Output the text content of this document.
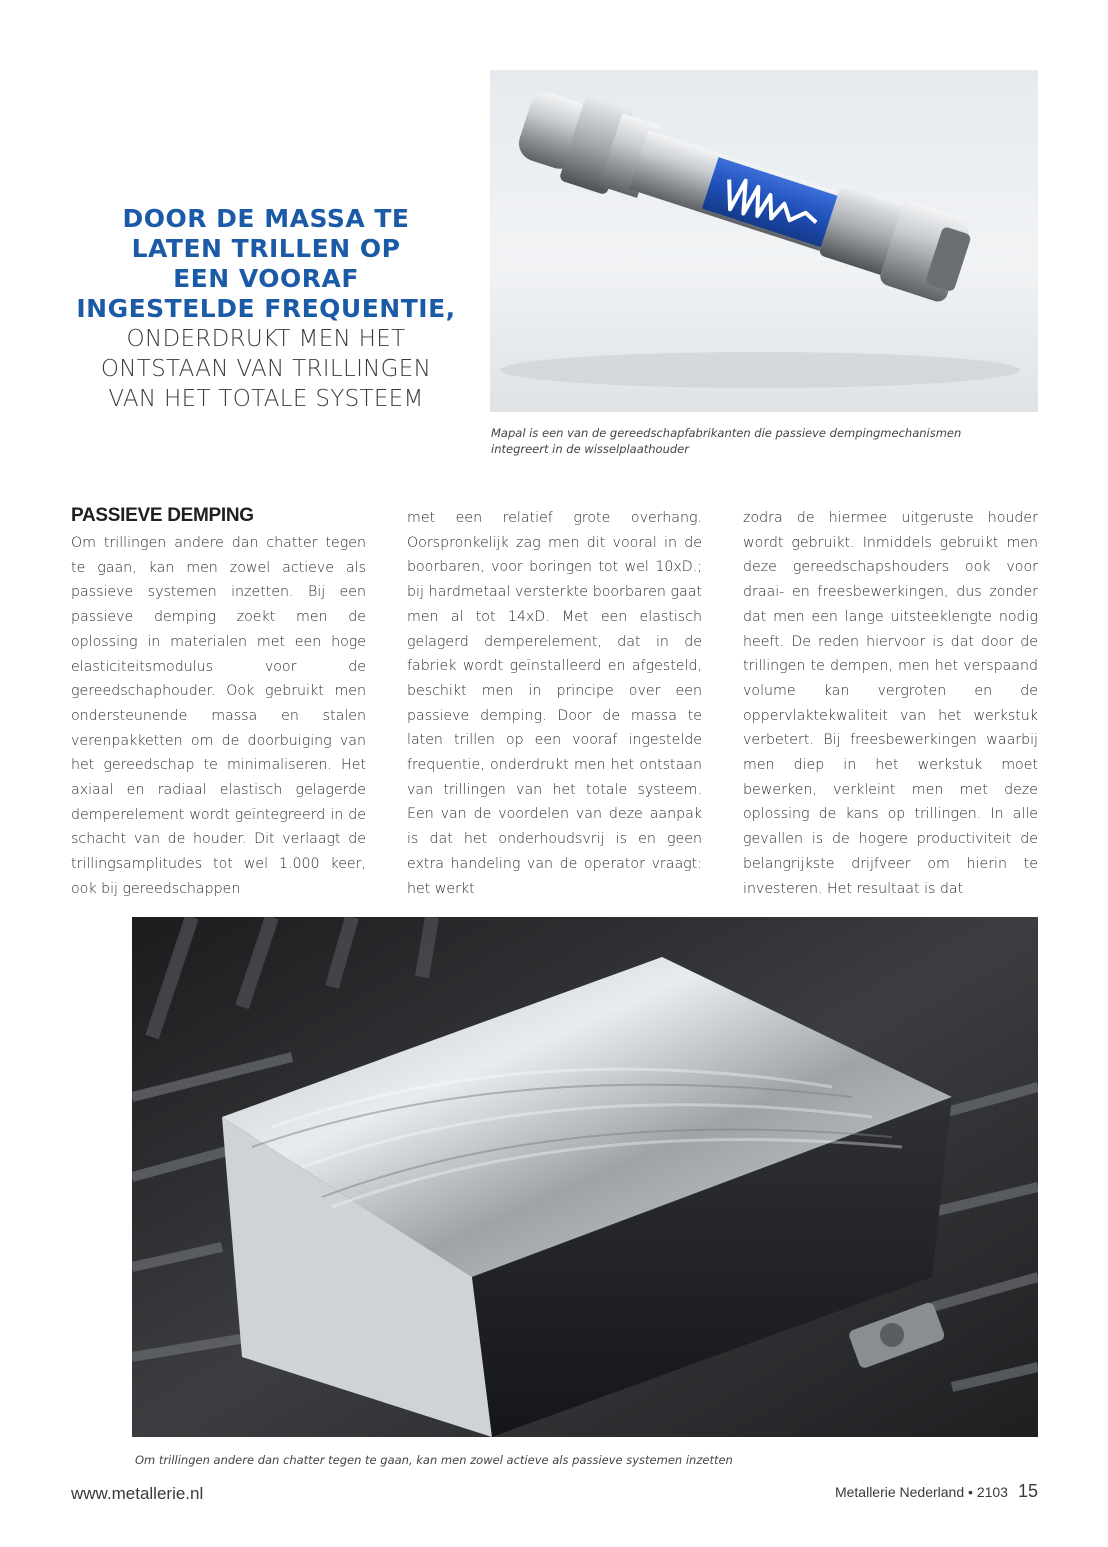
DOOR DE MASSA TE

LATEN TRILLEN OP

EEN VOORAF

INGESTELDE FREQUENTIE,

ONDERDRUKT MEN HET

ONTSTAAN VAN TRILLINGEN

VAN HET TOTALE SYSTEEM

Mapal is een van de gereedschapfabrikanten die passieve dempingmechanismen integreert in de wisselplaathouder

PASSIEVE DEMPING

Om trillingen andere dan chatter tegen te gaan, kan men zowel actieve als passieve systemen inzetten. Bij een passieve demping zoekt men de oplossing in materialen met een hoge elasticiteitsmodulus voor de gereedschaphouder. Ook gebruikt men ondersteunende massa en stalen verenpakketten om de doorbuiging van het gereedschap te minimaliseren. Het axiaal en radiaal elastisch gelagerde demperelement wordt geïntegreerd in de schacht van de houder. Dit verlaagt de trillingsamplitudes tot wel 1.000 keer, ook bij gereedschappen

met een relatief grote overhang. Oorspronkelijk zag men dit vooral in de boorbaren, voor boringen tot wel 10xD.; bij hardmetaal versterkte boorbaren gaat men al tot 14xD. Met een elastisch gelagerd demperelement, dat in de fabriek wordt geïnstalleerd en afgesteld, beschikt men in principe over een passieve demping. Door de massa te laten trillen op een vooraf ingestelde frequentie, onderdrukt men het ontstaan van trillingen van het totale systeem. Een van de voordelen van deze aanpak is dat het onderhoudsvrij is en geen extra handeling van de operator vraagt: het werkt

zodra de hiermee uitgeruste houder wordt gebruikt. Inmiddels gebruikt men deze gereedschapshouders ook voor draai- en freesbewerkingen, dus zonder dat men een lange uitsteeklengte nodig heeft. De reden hiervoor is dat door de trillingen te dempen, men het verspaand volume kan vergroten en de oppervlaktekwaliteit van het werkstuk verbetert. Bij freesbewerkingen waarbij men diep in het werkstuk moet bewerken, verkleint men met deze oplossing de kans op trillingen. In alle gevallen is de hogere productiviteit de belangrijkste drijfveer om hierin te investeren. Het resultaat is dat

Om trillingen andere dan chatter tegen te gaan, kan men zowel actieve als passieve systemen inzetten
www.metallerie.nl	Metallerie Nederland • 2103 15
